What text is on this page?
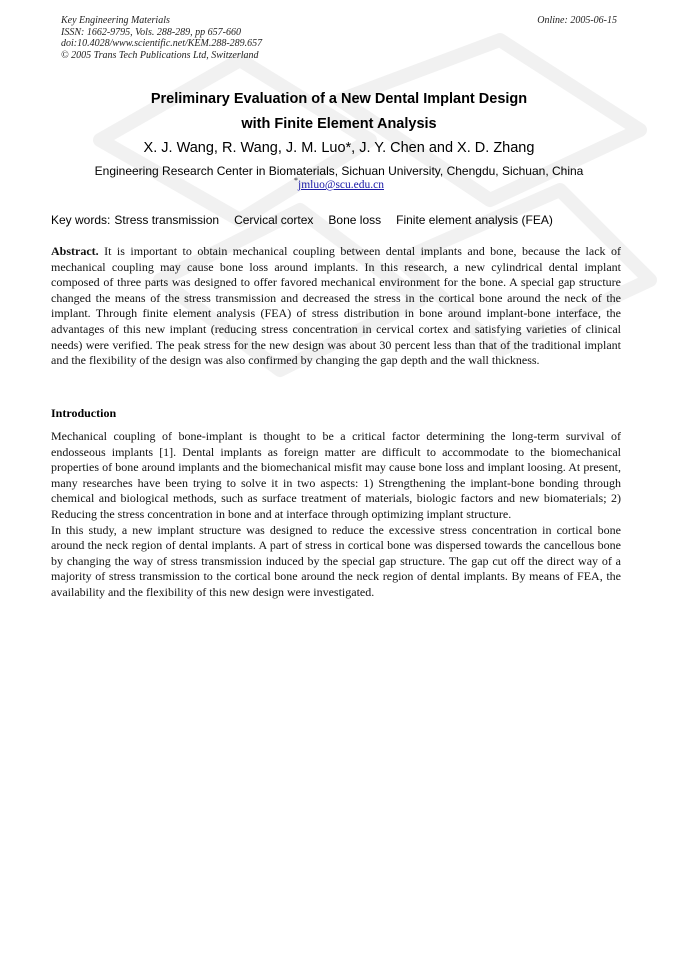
Key Engineering Materials
ISSN: 1662-9795, Vols. 288-289, pp 657-660
doi:10.4028/www.scientific.net/KEM.288-289.657
© 2005 Trans Tech Publications Ltd, Switzerland
Online: 2005-06-15
Preliminary Evaluation of a New Dental Implant Design
with Finite Element Analysis
X. J. Wang, R. Wang, J. M. Luo*, J. Y. Chen and X. D. Zhang
Engineering Research Center in Biomaterials, Sichuan University, Chengdu, Sichuan, China
*jmluo@scu.edu.cn
Key words: Stress transmission Cervical cortex Bone loss Finite element analysis (FEA)
Abstract. It is important to obtain mechanical coupling between dental implants and bone, because the lack of mechanical coupling may cause bone loss around implants. In this research, a new cylindrical dental implant composed of three parts was designed to offer favored mechanical environment for the bone. A special gap structure changed the means of the stress transmission and decreased the stress in the cortical bone around the neck of the implant. Through finite element analysis (FEA) of stress distribution in bone around implant-bone interface, the advantages of this new implant (reducing stress concentration in cervical cortex and satisfying varieties of clinical needs) were verified. The peak stress for the new design was about 30 percent less than that of the traditional implant and the flexibility of the design was also confirmed by changing the gap depth and the wall thickness.
Introduction

Mechanical coupling of bone-implant is thought to be a critical factor determining the long-term survival of endosseous implants [1]. Dental implants as foreign matter are difficult to accommodate to the biomechanical properties of bone around implants and the biomechanical misfit may cause bone loss and implant loosing. At present, many researches have been trying to solve it in two aspects: 1) Strengthening the implant-bone bonding through chemical and biological methods, such as surface treatment of materials, biologic factors and new biomaterials; 2) Reducing the stress concentration in bone and at interface through optimizing implant structure.

In this study, a new implant structure was designed to reduce the excessive stress concentration in cortical bone around the neck region of dental implants. A part of stress in cortical bone was dispersed towards the cancellous bone by changing the way of stress transmission induced by the special gap structure. The gap cut off the direct way of a majority of stress transmission to the cortical bone around the neck region of dental implants. By means of FEA, the availability and the flexibility of this new design were investigated.
